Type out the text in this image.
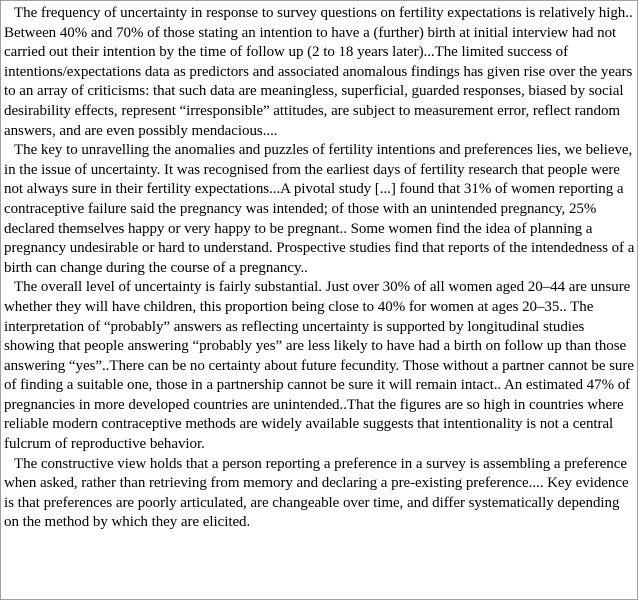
The frequency of uncertainty in response to survey questions on fertility expectations is relatively high.. Between 40% and 70% of those stating an intention to have a (further) birth at initial interview had not carried out their intention by the time of follow up (2 to 18 years later)...The limited success of intentions/expectations data as predictors and associated anomalous findings has given rise over the years to an array of criticisms: that such data are meaningless, superficial, guarded responses, biased by social desirability effects, represent “irresponsible” attitudes, are subject to measurement error, reflect random answers, and are even possibly mendacious....

The key to unravelling the anomalies and puzzles of fertility intentions and preferences lies, we believe, in the issue of uncertainty. It was recognised from the earliest days of fertility research that people were not always sure in their fertility expectations...A pivotal study [...] found that 31% of women reporting a contraceptive failure said the pregnancy was intended; of those with an unintended pregnancy, 25% declared themselves happy or very happy to be pregnant.. Some women find the idea of planning a pregnancy undesirable or hard to understand. Prospective studies find that reports of the intendedness of a birth can change during the course of a pregnancy..

The overall level of uncertainty is fairly substantial. Just over 30% of all women aged 20–44 are unsure whether they will have children, this proportion being close to 40% for women at ages 20–35.. The interpretation of “probably” answers as reflecting uncertainty is supported by longitudinal studies showing that people answering “probably yes” are less likely to have had a birth on follow up than those answering “yes”..There can be no certainty about future fecundity. Those without a partner cannot be sure of finding a suitable one, those in a partnership cannot be sure it will remain intact.. An estimated 47% of pregnancies in more developed countries are unintended..That the figures are so high in countries where reliable modern contraceptive methods are widely available suggests that intentionality is not a central fulcrum of reproductive behavior.

The constructive view holds that a person reporting a preference in a survey is assembling a preference when asked, rather than retrieving from memory and declaring a pre-existing preference.... Key evidence is that preferences are poorly articulated, are changeable over time, and differ systematically depending on the method by which they are elicited.
